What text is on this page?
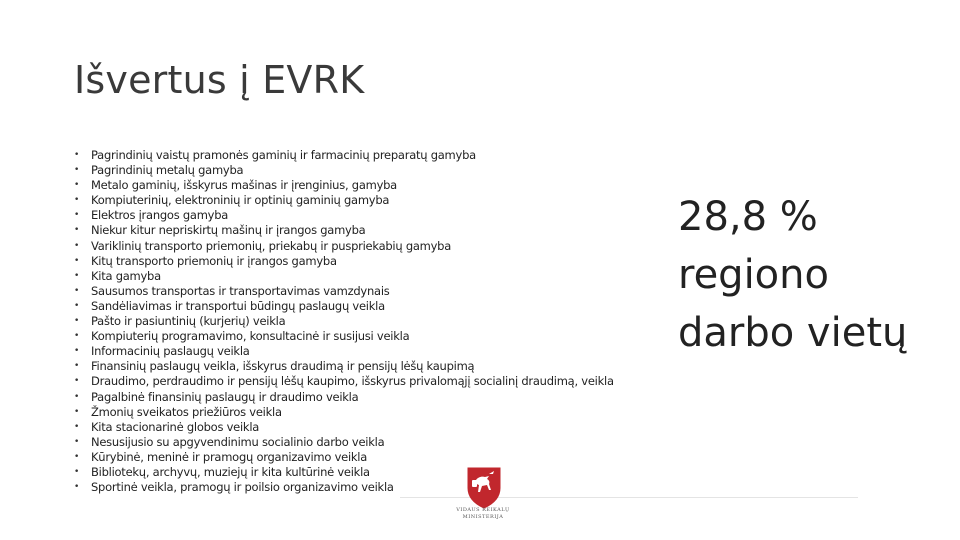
Išvertus į EVRK
• Pagrindinių vaistų pramonės gaminių ir farmacinių preparatų gamyba
• Pagrindinių metalų gamyba
• Metalo gaminių, išskyrus mašinas ir įrenginius, gamyba
• Kompiuterinių, elektroninių ir optinių gaminių gamyba
• Elektros įrangos gamyba
• Niekur kitur nepriskirtų mašinų ir įrangos gamyba
• Variklinių transporto priemonių, priekabų ir puspriekabių gamyba
• Kitų transporto priemonių ir įrangos gamyba
• Kita gamyba
• Sausumos transportas ir transportavimas vamzdynais
• Sandėliavimas ir transportui būdingų paslaugų veikla
• Pašto ir pasiuntinių (kurjerių) veikla
• Kompiuterių programavimo, konsultacinė ir susijusi veikla
• Informacinių paslaugų veikla
• Finansinių paslaugų veikla, išskyrus draudimą ir pensijų lėšų kaupimą
• Draudimo, perdraudimo ir pensijų lėšų kaupimo, išskyrus privalomąjį socialinį draudimą, veikla
• Pagalbinė finansinių paslaugų ir draudimo veikla
• Žmonių sveikatos priežiūros veikla
• Kita stacionarinė globos veikla
• Nesusijusio su apgyvendinimu socialinio darbo veikla
• Kūrybinė, meninė ir pramogų organizavimo veikla
• Bibliotekų, archyvų, muziejų ir kita kultūrinė veikla
• Sportinė veikla, pramogų ir poilsio organizavimo veikla
28,8 %
regiono
darbo vietų
VIDAUS REIKALŲ
MINISTERIJA
